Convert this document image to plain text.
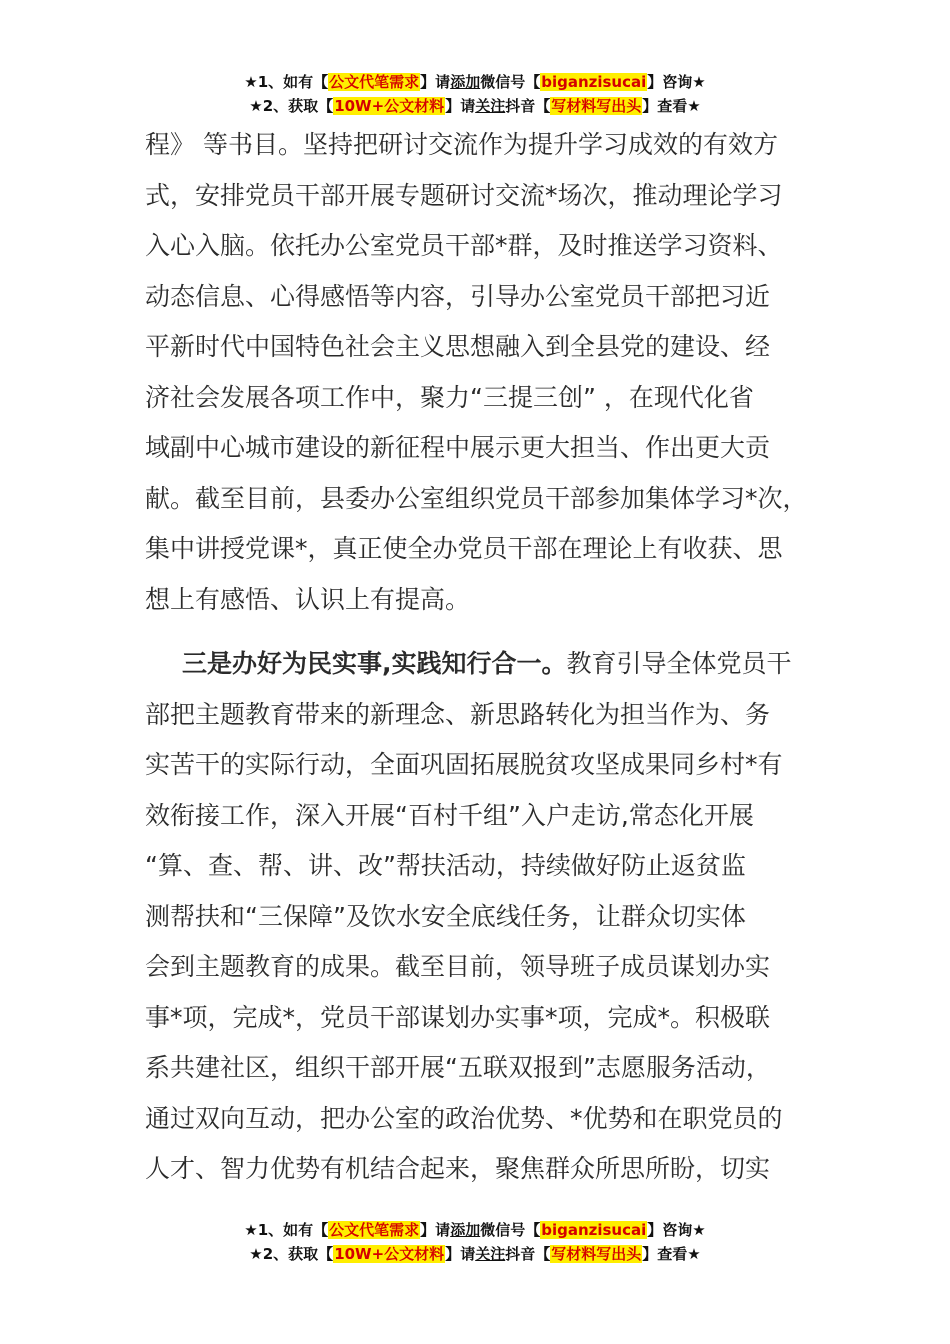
★1、如有【公文代笔需求】请添加微信号【biganzisucai】咨询★
★2、获取【10W+公文材料】请关注抖音【写材料写出头】查看★
程》 等书目。坚持把研讨交流作为提升学习成效的有效方
式，安排党员干部开展专题研讨交流*场次，推动理论学习
入心入脑。依托办公室党员干部*群，及时推送学习资料、
动态信息、心得感悟等内容，引导办公室党员干部把习近
平新时代中国特色社会主义思想融入到全县党的建设、经
济社会发展各项工作中，聚力“三提三创” ，在现代化省
域副中心城市建设的新征程中展示更大担当、作出更大贡
献。截至目前，县委办公室组织党员干部参加集体学习*次，
集中讲授党课*，真正使全办党员干部在理论上有收获、思
想上有感悟、认识上有提高。
三是办好为民实事,实践知行合一。教育引导全体党员干
部把主题教育带来的新理念、新思路转化为担当作为、务
实苦干的实际行动，全面巩固拓展脱贫攻坚成果同乡村*有
效衔接工作，深入开展“百村千组”入户走访,常态化开展
“算、查、帮、讲、改”帮扶活动，持续做好防止返贫监
测帮扶和“三保障”及饮水安全底线任务，让群众切实体
会到主题教育的成果。截至目前，领导班子成员谋划办实
事*项，完成*，党员干部谋划办实事*项，完成*。积极联
系共建社区，组织干部开展“五联双报到”志愿服务活动，
通过双向互动，把办公室的政治优势、*优势和在职党员的
人才、智力优势有机结合起来，聚焦群众所思所盼，切实
★1、如有【公文代笔需求】请添加微信号【biganzisucai】咨询★
★2、获取【10W+公文材料】请关注抖音【写材料写出头】查看★
